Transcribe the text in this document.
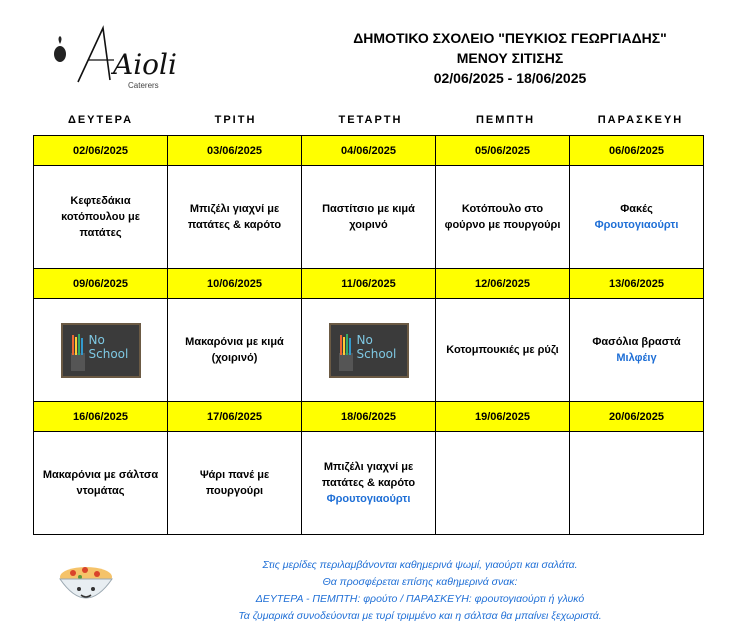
Aioli
Caterers
ΔΗΜΟΤΙΚΟ ΣΧΟΛΕΙΟ "ΠΕΥΚΙΟΣ ΓΕΩΡΓΙΑΔΗΣ"
ΜΕΝΟΥ ΣΙΤΙΣΗΣ
02/06/2025 - 18/06/2025
ΔΕΥΤΕΡΑ	ΤΡΙΤΗ	ΤΕΤΑΡΤΗ	ΠΕΜΠΤΗ	ΠΑΡΑΣΚΕΥΗ
02/06/2025	03/06/2025	04/06/2025	05/06/2025	06/06/2025
Κεφτεδάκια κοτόπουλου με πατάτες	Μπιζέλι γιαχνί με πατάτες & καρότο	Παστίτσιο με κιμά χοιρινό	Κοτόπουλο στο φούρνο με πουργούρι	Φακές
Φρουτογιαούρτι

09/06/2025	10/06/2025	11/06/2025	12/06/2025	13/06/2025

No School	Μακαρόνια με κιμά (χοιρινό)	No School	Κοτομπουκιές με ρύζι	Φασόλια βραστά
Μιλφέιγ

16/06/2025	17/06/2025	18/06/2025	19/06/2025	20/06/2025
Μακαρόνια με σάλτσα ντομάτας	Ψάρι πανέ με πουργούρι	Μπιζέλι γιαχνί με πατάτες & καρότο
Φρουτογιαούρτι		

Στις μερίδες περιλαμβάνονται καθημερινά ψωμί, γιαούρτι και σαλάτα.
Θα προσφέρεται επίσης καθημερινά σνακ:
ΔΕΥΤΕΡΑ - ΠΕΜΠΤΗ: φρούτο / ΠΑΡΑΣΚΕΥΗ: φρουτογιαούρτι ή γλυκό
Τα ζυμαρικά συνοδεύονται με τυρί τριμμένο και η σάλτσα θα μπαίνει ξεχωριστά.
